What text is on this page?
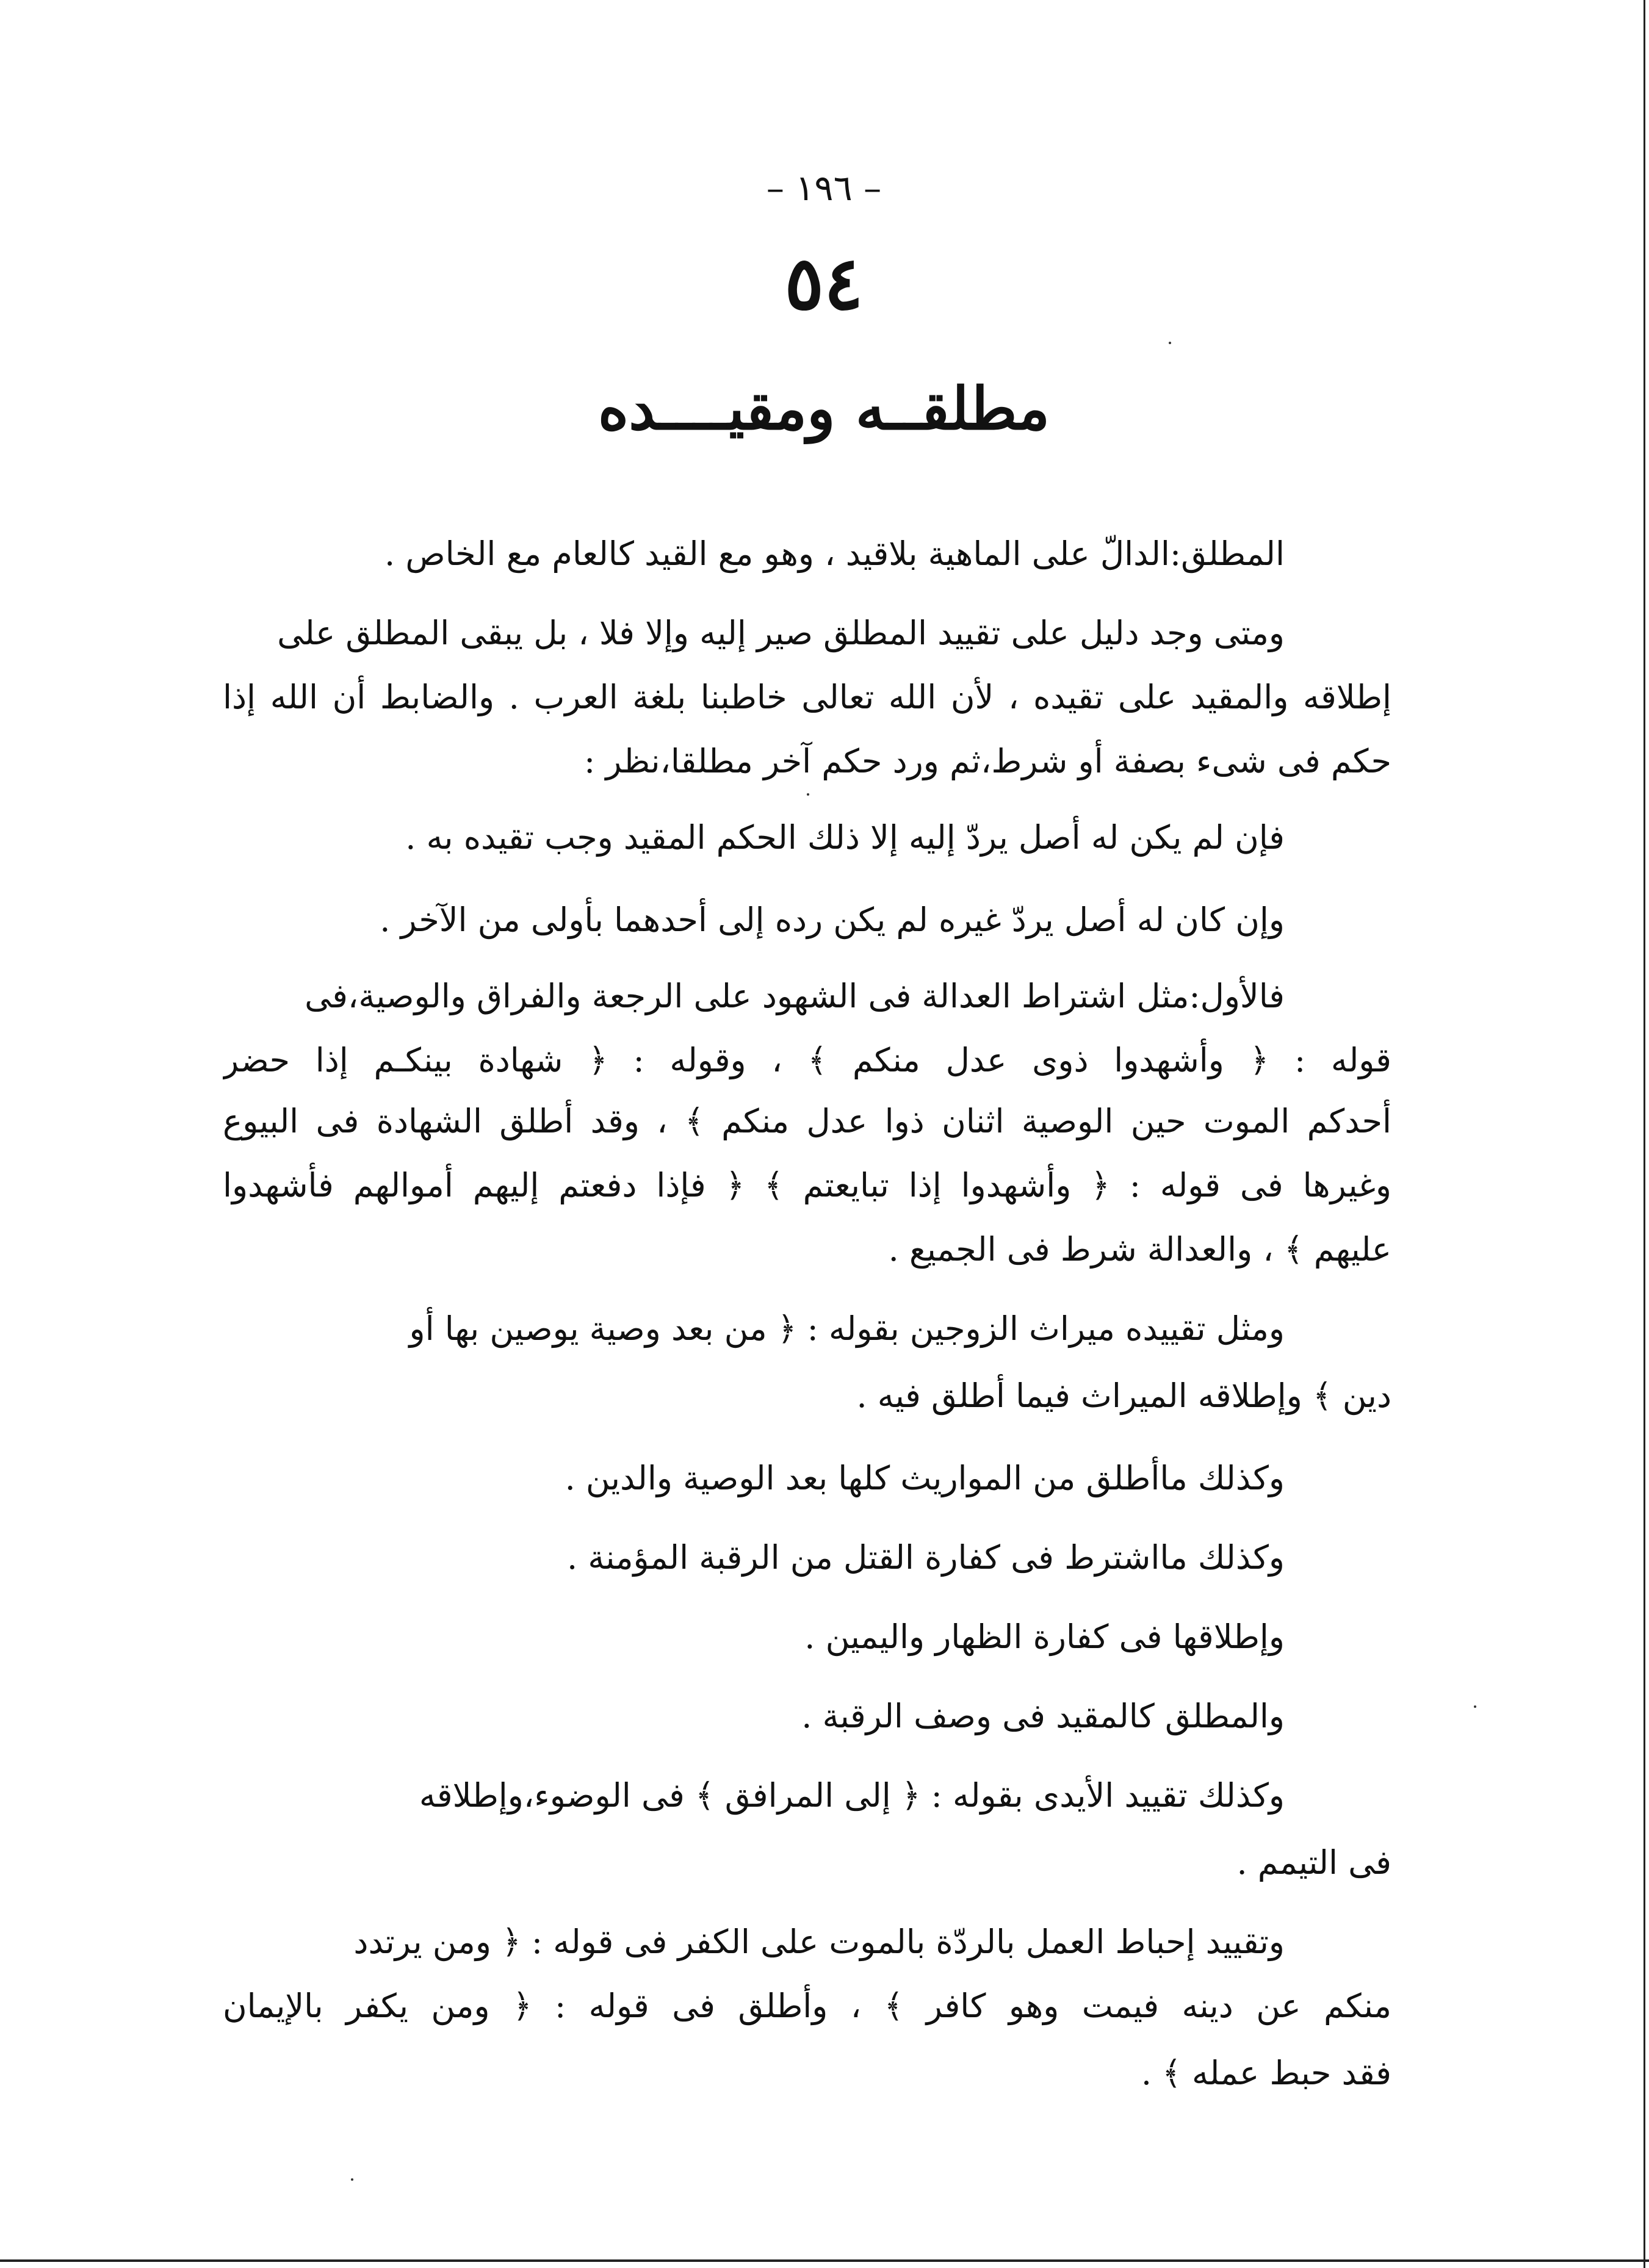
– ١٩٦ –
٥٤
مطلقــه ومقيــــده
المطلق:الدالّ على الماهية بلاقيد ، وهو مع القيد كالعام مع الخاص .
ومتى وجد دليل على تقييد المطلق صير إليه وإلا فلا ، بل يبقى المطلق على
إطلاقه والمقيد على تقيده ، لأن الله تعالى خاطبنا بلغة العرب . والضابط أن الله إذا
حكم فى شىء بصفة أو شرط،ثم ورد حكم آخر مطلقا،نظر :
فإن لم يكن له أصل يردّ إليه إلا ذلك الحكم المقيد وجب تقيده به .
وإن كان له أصل يردّ غيره لم يكن رده إلى أحدهما بأولى من الآخر .
فالأول:مثل اشتراط العدالة فى الشهود على الرجعة والفراق والوصية،فى
قوله : ﴿ وأشهدوا ذوى عدل منكم ﴾ ، وقوله : ﴿ شهادة بينكـم إذا حضر
أحدكم الموت حين الوصية اثنان ذوا عدل منكم ﴾ ، وقد أطلق الشهادة فى البيوع
وغيرها فى قوله : ﴿ وأشهدوا إذا تبايعتم ﴾ ﴿ فإذا دفعتم إليهم أموالهم فأشهدوا
عليهم ﴾ ، والعدالة شرط فى الجميع .
ومثل تقييده ميراث الزوجين بقوله : ﴿ من بعد وصية يوصين بها أو
دين ﴾ وإطلاقه الميراث فيما أطلق فيه .
وكذلك ماأطلق من المواريث كلها بعد الوصية والدين .
وكذلك مااشترط فى كفارة القتل من الرقبة المؤمنة .
وإطلاقها فى كفارة الظهار واليمين .
والمطلق كالمقيد فى وصف الرقبة .
وكذلك تقييد الأيدى بقوله : ﴿ إلى المرافق ﴾ فى الوضوء،وإطلاقه
فى التيمم .
وتقييد إحباط العمل بالردّة بالموت على الكفر فى قوله : ﴿ ومن يرتدد
منكم عن دينه فيمت وهو كافر ﴾ ، وأطلق فى قوله : ﴿ ومن يكفر بالإيمان
فقد حبط عمله ﴾ .
